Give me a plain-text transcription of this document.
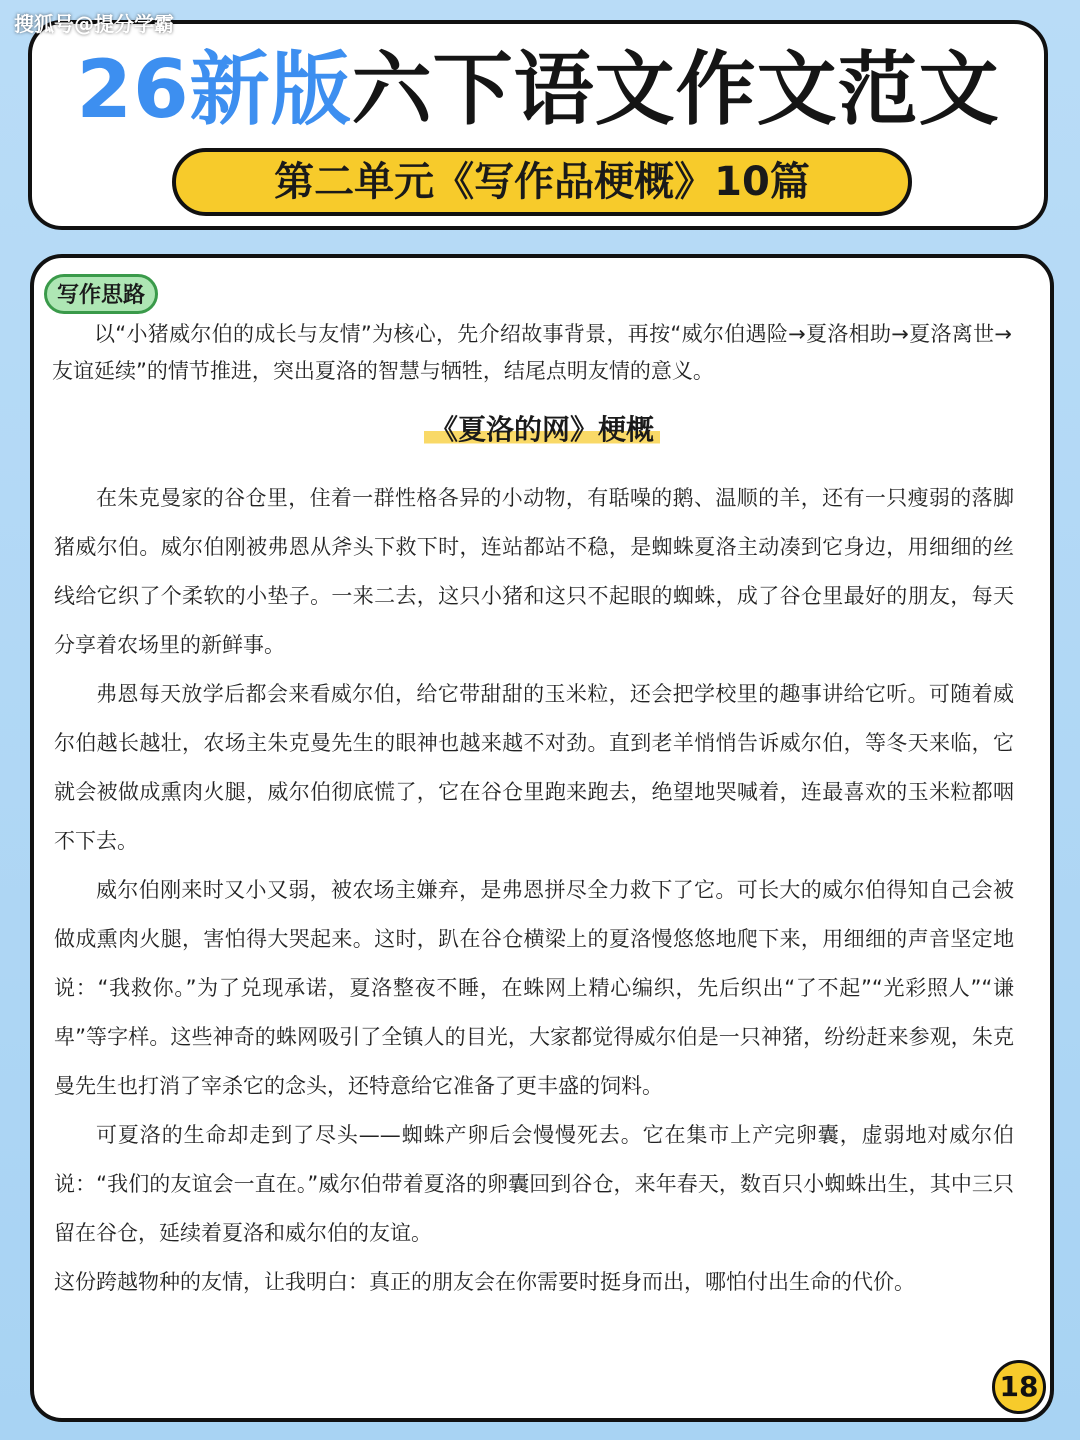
搜狐号@提分学霸
26新版六下语文作文范文
第二单元《写作品梗概》10篇
写作思路
以“小猪威尔伯的成长与友情”为核心，先介绍故事背景，再按“威尔伯遇险→夏洛相助→夏洛离世→友谊延续”的情节推进，突出夏洛的智慧与牺牲，结尾点明友情的意义。
《夏洛的网》梗概

在朱克曼家的谷仓里，住着一群性格各异的小动物，有聒噪的鹅、温顺的羊，还有一只瘦弱的落脚猪威尔伯。威尔伯刚被弗恩从斧头下救下时，连站都站不稳，是蜘蛛夏洛主动凑到它身边，用细细的丝线给它织了个柔软的小垫子。一来二去，这只小猪和这只不起眼的蜘蛛，成了谷仓里最好的朋友，每天分享着农场里的新鲜事。

弗恩每天放学后都会来看威尔伯，给它带甜甜的玉米粒，还会把学校里的趣事讲给它听。可随着威尔伯越长越壮，农场主朱克曼先生的眼神也越来越不对劲。直到老羊悄悄告诉威尔伯，等冬天来临，它就会被做成熏肉火腿，威尔伯彻底慌了，它在谷仓里跑来跑去，绝望地哭喊着，连最喜欢的玉米粒都咽不下去。

威尔伯刚来时又小又弱，被农场主嫌弃，是弗恩拼尽全力救下了它。可长大的威尔伯得知自己会被做成熏肉火腿，害怕得大哭起来。这时，趴在谷仓横梁上的夏洛慢悠悠地爬下来，用细细的声音坚定地说：“我救你。”为了兑现承诺，夏洛整夜不睡，在蛛网上精心编织，先后织出“了不起”“光彩照人”“谦卑”等字样。这些神奇的蛛网吸引了全镇人的目光，大家都觉得威尔伯是一只神猪，纷纷赶来参观，朱克曼先生也打消了宰杀它的念头，还特意给它准备了更丰盛的饲料。

可夏洛的生命却走到了尽头——蜘蛛产卵后会慢慢死去。它在集市上产完卵囊，虚弱地对威尔伯说：“我们的友谊会一直在。”威尔伯带着夏洛的卵囊回到谷仓，来年春天，数百只小蜘蛛出生，其中三只留在谷仓，延续着夏洛和威尔伯的友谊。

这份跨越物种的友情，让我明白：真正的朋友会在你需要时挺身而出，哪怕付出生命的代价。

18
